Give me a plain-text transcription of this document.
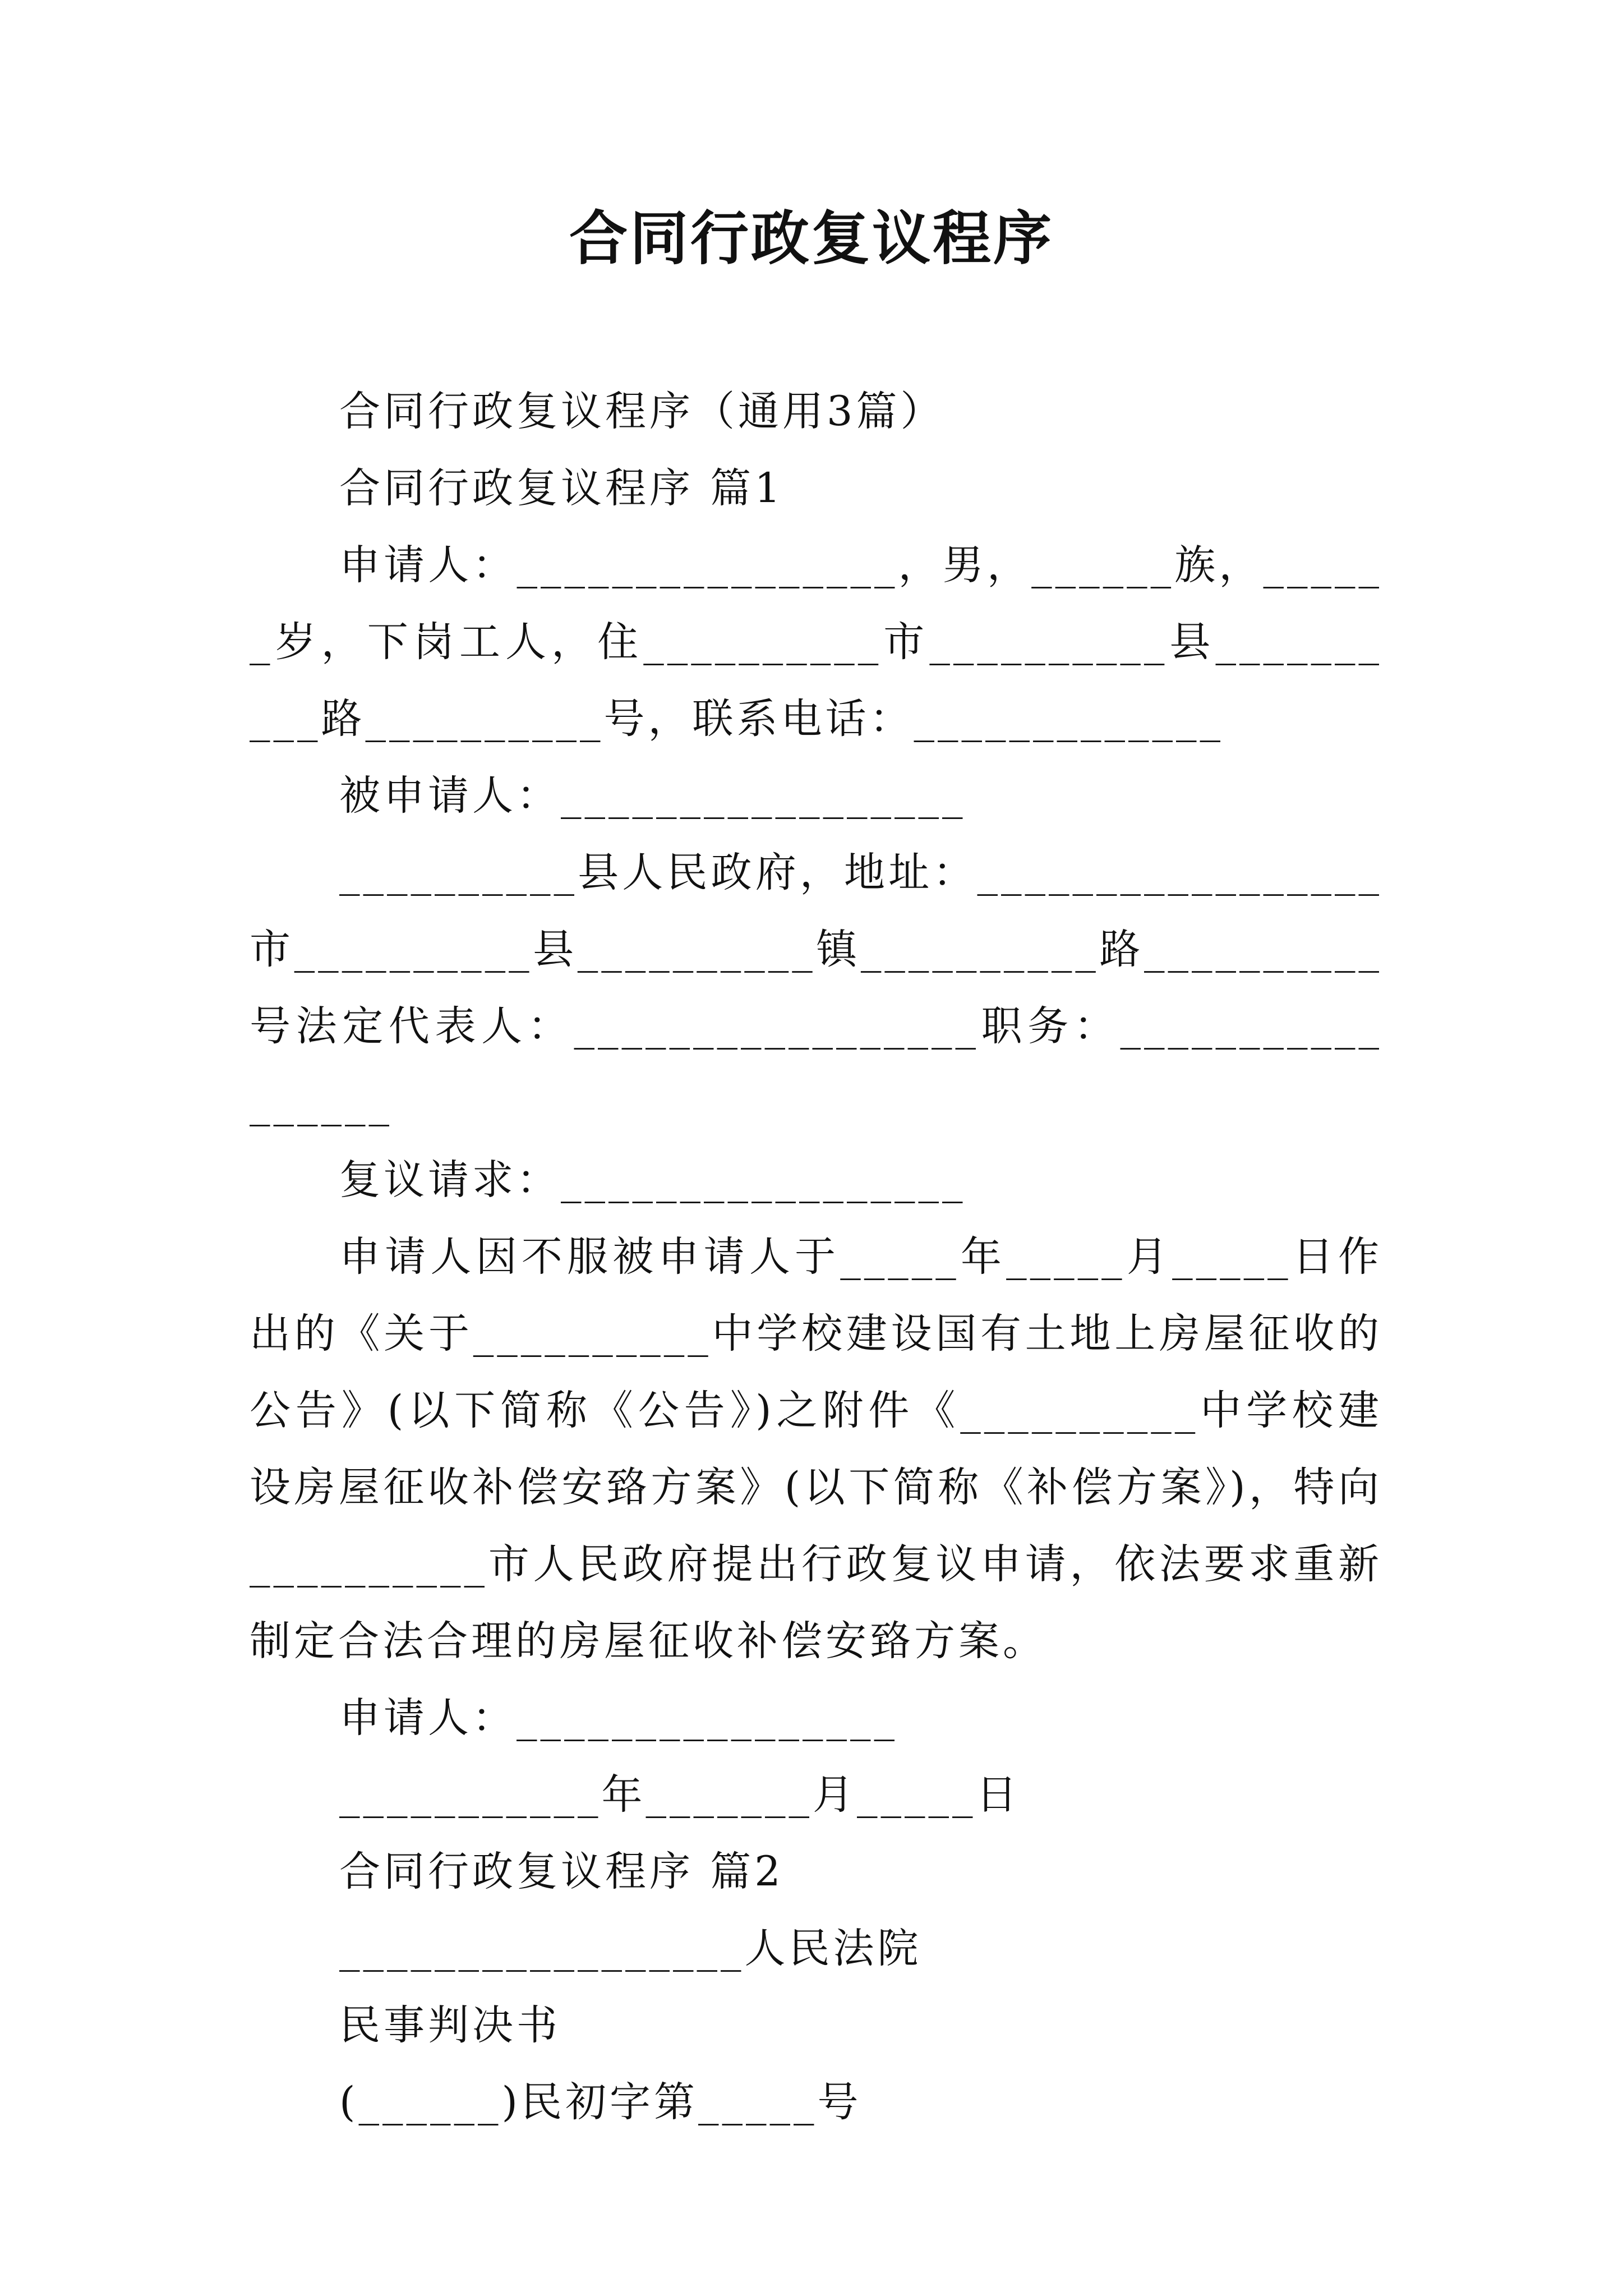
合同行政复议程序

合同行政复议程序（通用3篇）

合同行政复议程序 篇1

申请人：________________，男，______族，______岁，下岗工人，住__________市__________县__________路__________号，联系电话：_____________

被申请人：_________________

__________县人民政府，地址：_________________市__________县__________镇__________路__________号法定代表人：_________________职务：_________________

复议请求：_________________

申请人因不服被申请人于_____年_____月_____日作出的《关于__________中学校建设国有土地上房屋征收的公告》(以下简称《公告》)之附件《__________中学校建设房屋征收补偿安臵方案》(以下简称《补偿方案》)，特向__________市人民政府提出行政复议申请，依法要求重新制定合法合理的房屋征收补偿安臵方案。

申请人：________________

___________年_______月_____日

合同行政复议程序 篇2

_________________人民法院

民事判决书

(______)民初字第_____号
